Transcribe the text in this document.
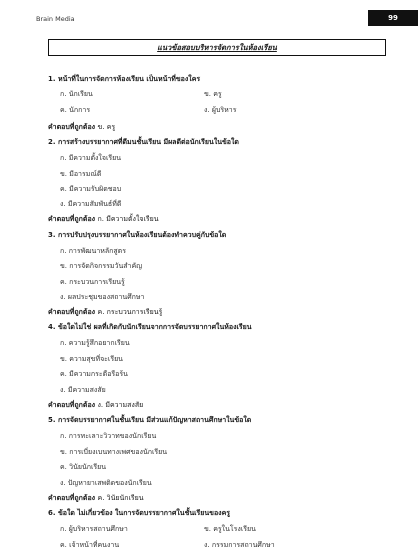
Brain Media	99
แนวข้อสอบบริหารจัดการในห้องเรียน
1. หน้าที่ในการจัดการห้องเรียน เป็นหน้าที่ของใคร
ก. นักเรียน	ข. ครู
ค. นักการ	ง. ผู้บริหาร
คำตอบที่ถูกต้อง ข. ครู
2. การสร้างบรรยากาศที่ดีมนชั้นเรียน มีผลดีต่อนักเรียนในข้อใด
ก. มีความตั้งใจเรียน
ข. มีอารมณ์ดี
ค. มีความรับผิดชอบ
ง. มีความสัมพันธ์ที่ดี
คำตอบที่ถูกต้อง ก. มีความตั้งใจเรียน
3. การปรับปรุงบรรยากาศในห้องเรียนต้องทำควบคู่กับข้อใด
ก. การพัฒนาหลักสูตร
ข. การจัดกิจกรรมวันสำคัญ
ค. กระบวนการเรียนรู้
ง. ผลประชุมของสถานศึกษา
คำตอบที่ถูกต้อง ค. กระบวนการเรียนรู้
4. ข้อใดไม่ใช่ ผลที่เกิดกับนักเรียนจากการจัดบรรยากาศในห้องเรียน
ก. ความรู้สึกอยากเรียน
ข. ความสุขที่จะเรียน
ค. มีความกระตือรือร้น
ง. มีความสงสัย
คำตอบที่ถูกต้อง ง. มีความสงสัย
5. การจัดบรรยากาศในชั้นเรียน มีส่วนแก้ปัญหาสถานศึกษาในข้อใด
ก. การทะเลาะวิวาทของนักเรียน
ข. การเบี่ยงเบนทางเพศของนักเรียน
ค. วินัยนักเรียน
ง. ปัญหายาเสพติดของนักเรียน
คำตอบที่ถูกต้อง ค. วินัยนักเรียน
6. ข้อใด ไม่เกี่ยวข้อง ในการจัดบรรยากาศในชั้นเรียนของครู
ก. ผู้บริหารสถานศึกษา	ข. ครูในโรงเรียน
ค. เจ้าหน้าที่คนงาน	ง. กรรมการสถานศึกษา
